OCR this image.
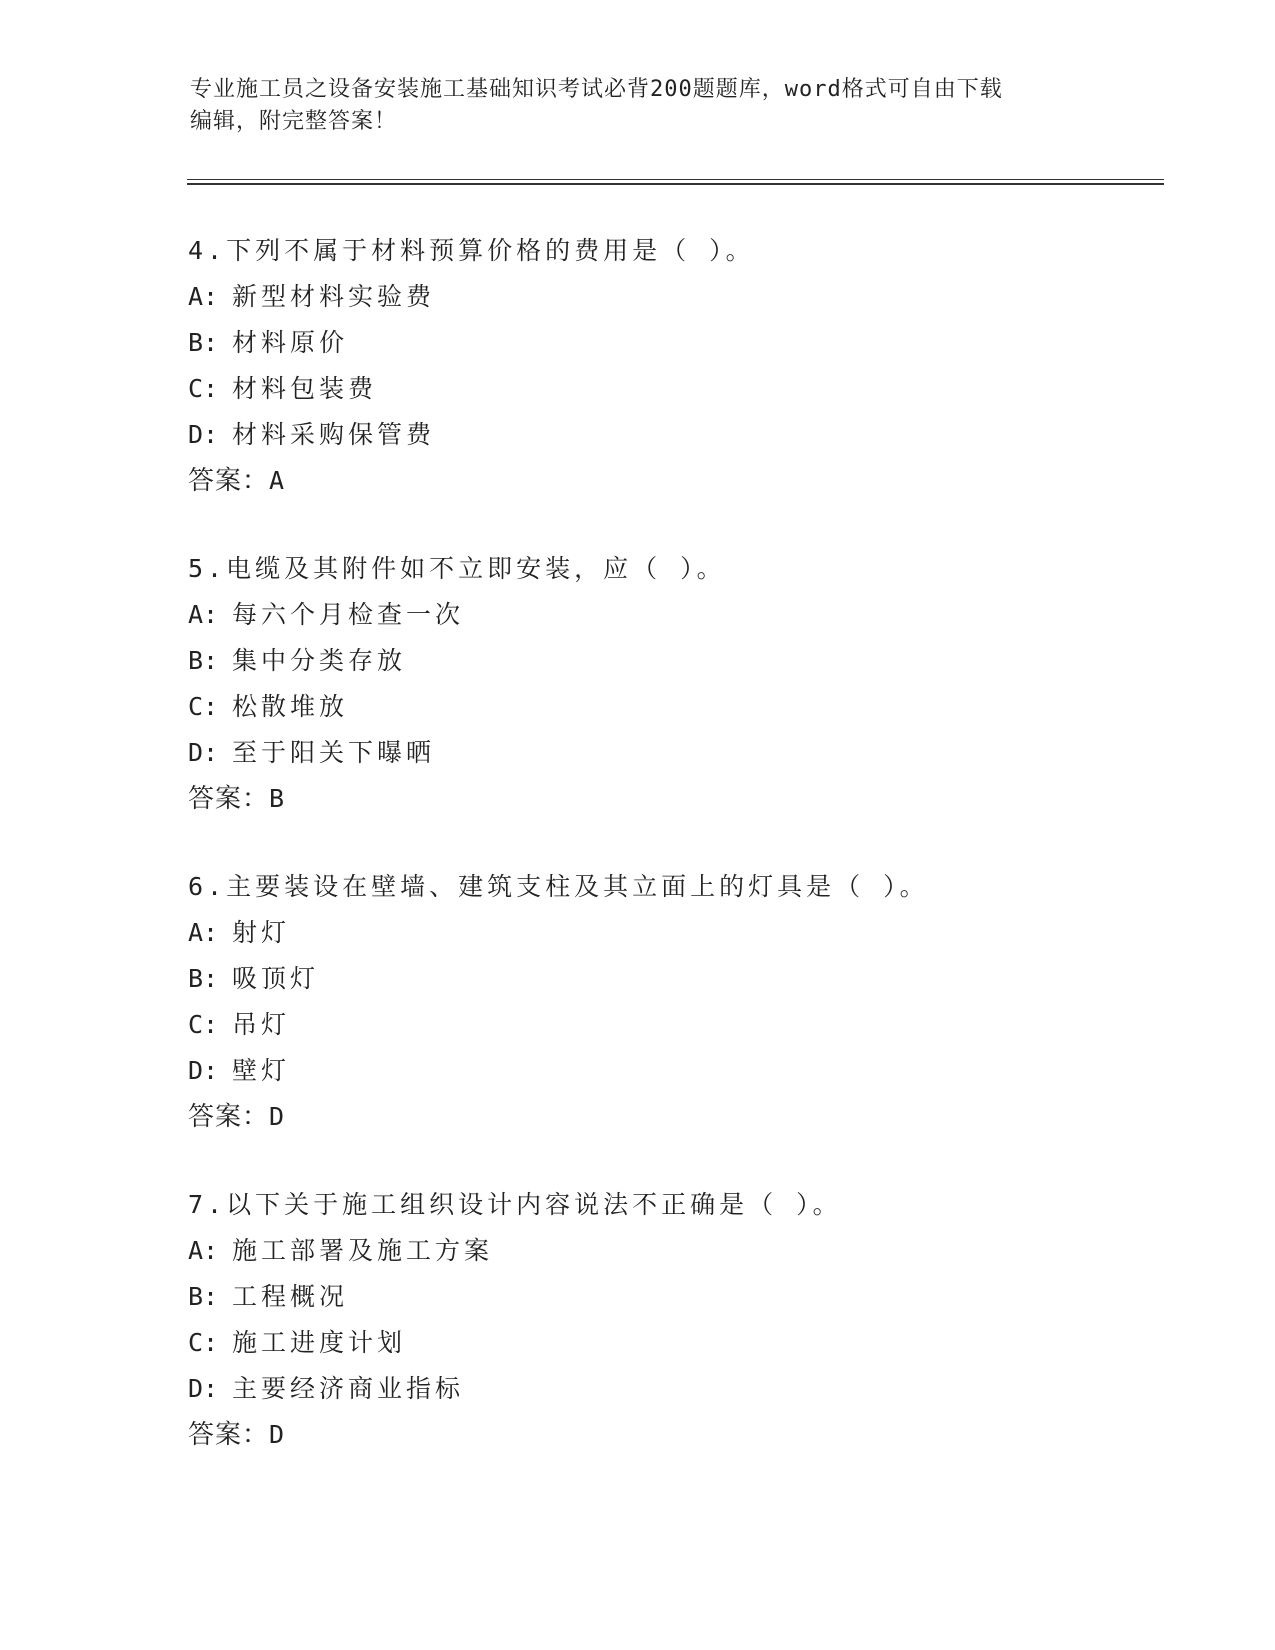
专业施工员之设备安装施工基础知识考试必背200题题库，word格式可自由下载
编辑，附完整答案！
4.下列不属于材料预算价格的费用是（ ）。
A: 新型材料实验费
B: 材料原价
C: 材料包装费
D: 材料采购保管费
答案：A
5.电缆及其附件如不立即安装，应（ ）。
A: 每六个月检查一次
B: 集中分类存放
C: 松散堆放
D: 至于阳关下曝晒
答案：B
6.主要装设在壁墙、建筑支柱及其立面上的灯具是（ ）。
A: 射灯
B: 吸顶灯
C: 吊灯
D: 壁灯
答案：D
7.以下关于施工组织设计内容说法不正确是（ ）。
A: 施工部署及施工方案
B: 工程概况
C: 施工进度计划
D: 主要经济商业指标
答案：D
